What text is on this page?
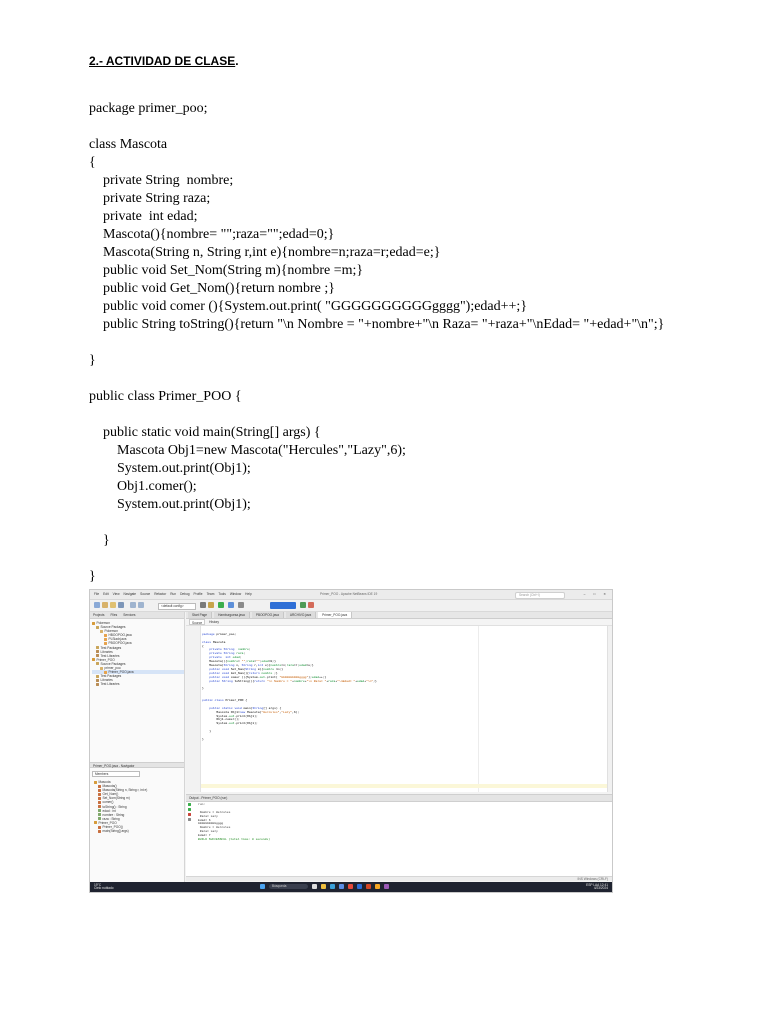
2.- ACTIVIDAD DE CLASE.
package primer_poo;
class Mascota
{
private String  nombre;
private String raza;
private  int edad;
Mascota(){nombre= "";raza="";edad=0;}
Mascota(String n, String r,int e){nombre=n;raza=r;edad=e;}
public void Set_Nom(String m){nombre =m;}
public void Get_Nom(){return nombre ;}
public void comer (){System.out.print( "GGGGGGGGGGgggg");edad++;}
public String toString(){return "\n Nombre = "+nombre+"\n Raza= "+raza+"\nEdad= "+edad+"\n";}
}
public class Primer_POO {
public static void main(String[] args) {
Mascota Obj1=new Mascota("Hercules","Lazy",6);
System.out.print(Obj1);
Obj1.comer();
System.out.print(Obj1);
}
}
File Edit View Navigate Source Refactor Run Debug Profile Team Tools Window Help	Primer_POO - Apache NetBeans IDE 19	Search (Ctrl+I)	–	□	✕
<default config>
Projects Files Services
Pokemon
Source Packages
Pokemon
HBOOPOO.java
PLSiadr.java
PBOOPOO.java
Test Packages
Libraries
Test Libraries
Primer_POO
Source Packages
primer_poo
Primer_POO.java
Test Packages
Libraries
Test Libraries
Primer_POO.java - Navigator
Members
Mascota
Mascota()
Mascota(String n, String r, int e)
Get_Nom()
Set_Nom(String m)
comer()
toString() : String
edad : int
nombre : String
raza : String
Primer_POO
Primer_POO()
main(String[] args)
Start Page	Hamburguesa.java	PBOOPOO.java	ARCHIVO.java	Primer_POO.java
Source	History
package primer_poo;
class Mascota
{
private String nombre;
private String raza;
private int edad;
Mascota(){nombre= "";raza="";edad=0;}
Mascota(String n, String r,int e){nombre=n;raza=r;edad=e;}
public void Set_Nom(String m){nombre =m;}
public void Get_Nom(){return nombre ;}
public void comer (){System.out.print( "GGGGGGGGGGgggg");edad++;}
public String toString(){return "\n Nombre = "+nombre+"\n Raza= "+raza+"\nEdad= "+edad+"\n";}
}
public class Primer_POO {
public static void main(String[] args) {
Mascota Obj1=new Mascota("Hercules","Lazy",6);
System.out.print(Obj1);
Obj1.comer();
System.out.print(Obj1);
}
}
Output - Primer_POO (run)
run:
Nombre = Hercules
Raza= Lazy
Edad= 6
GGGGGGGGGGgggg
Nombre = Hercules
Raza= Lazy
Edad= 7
BUILD SUCCESSFUL (total time: 0 seconds)
INS Windows (CRLF)
19°C
Cielo nublado	Búsqueda	ESP LAA 12:41
4/23/2024
